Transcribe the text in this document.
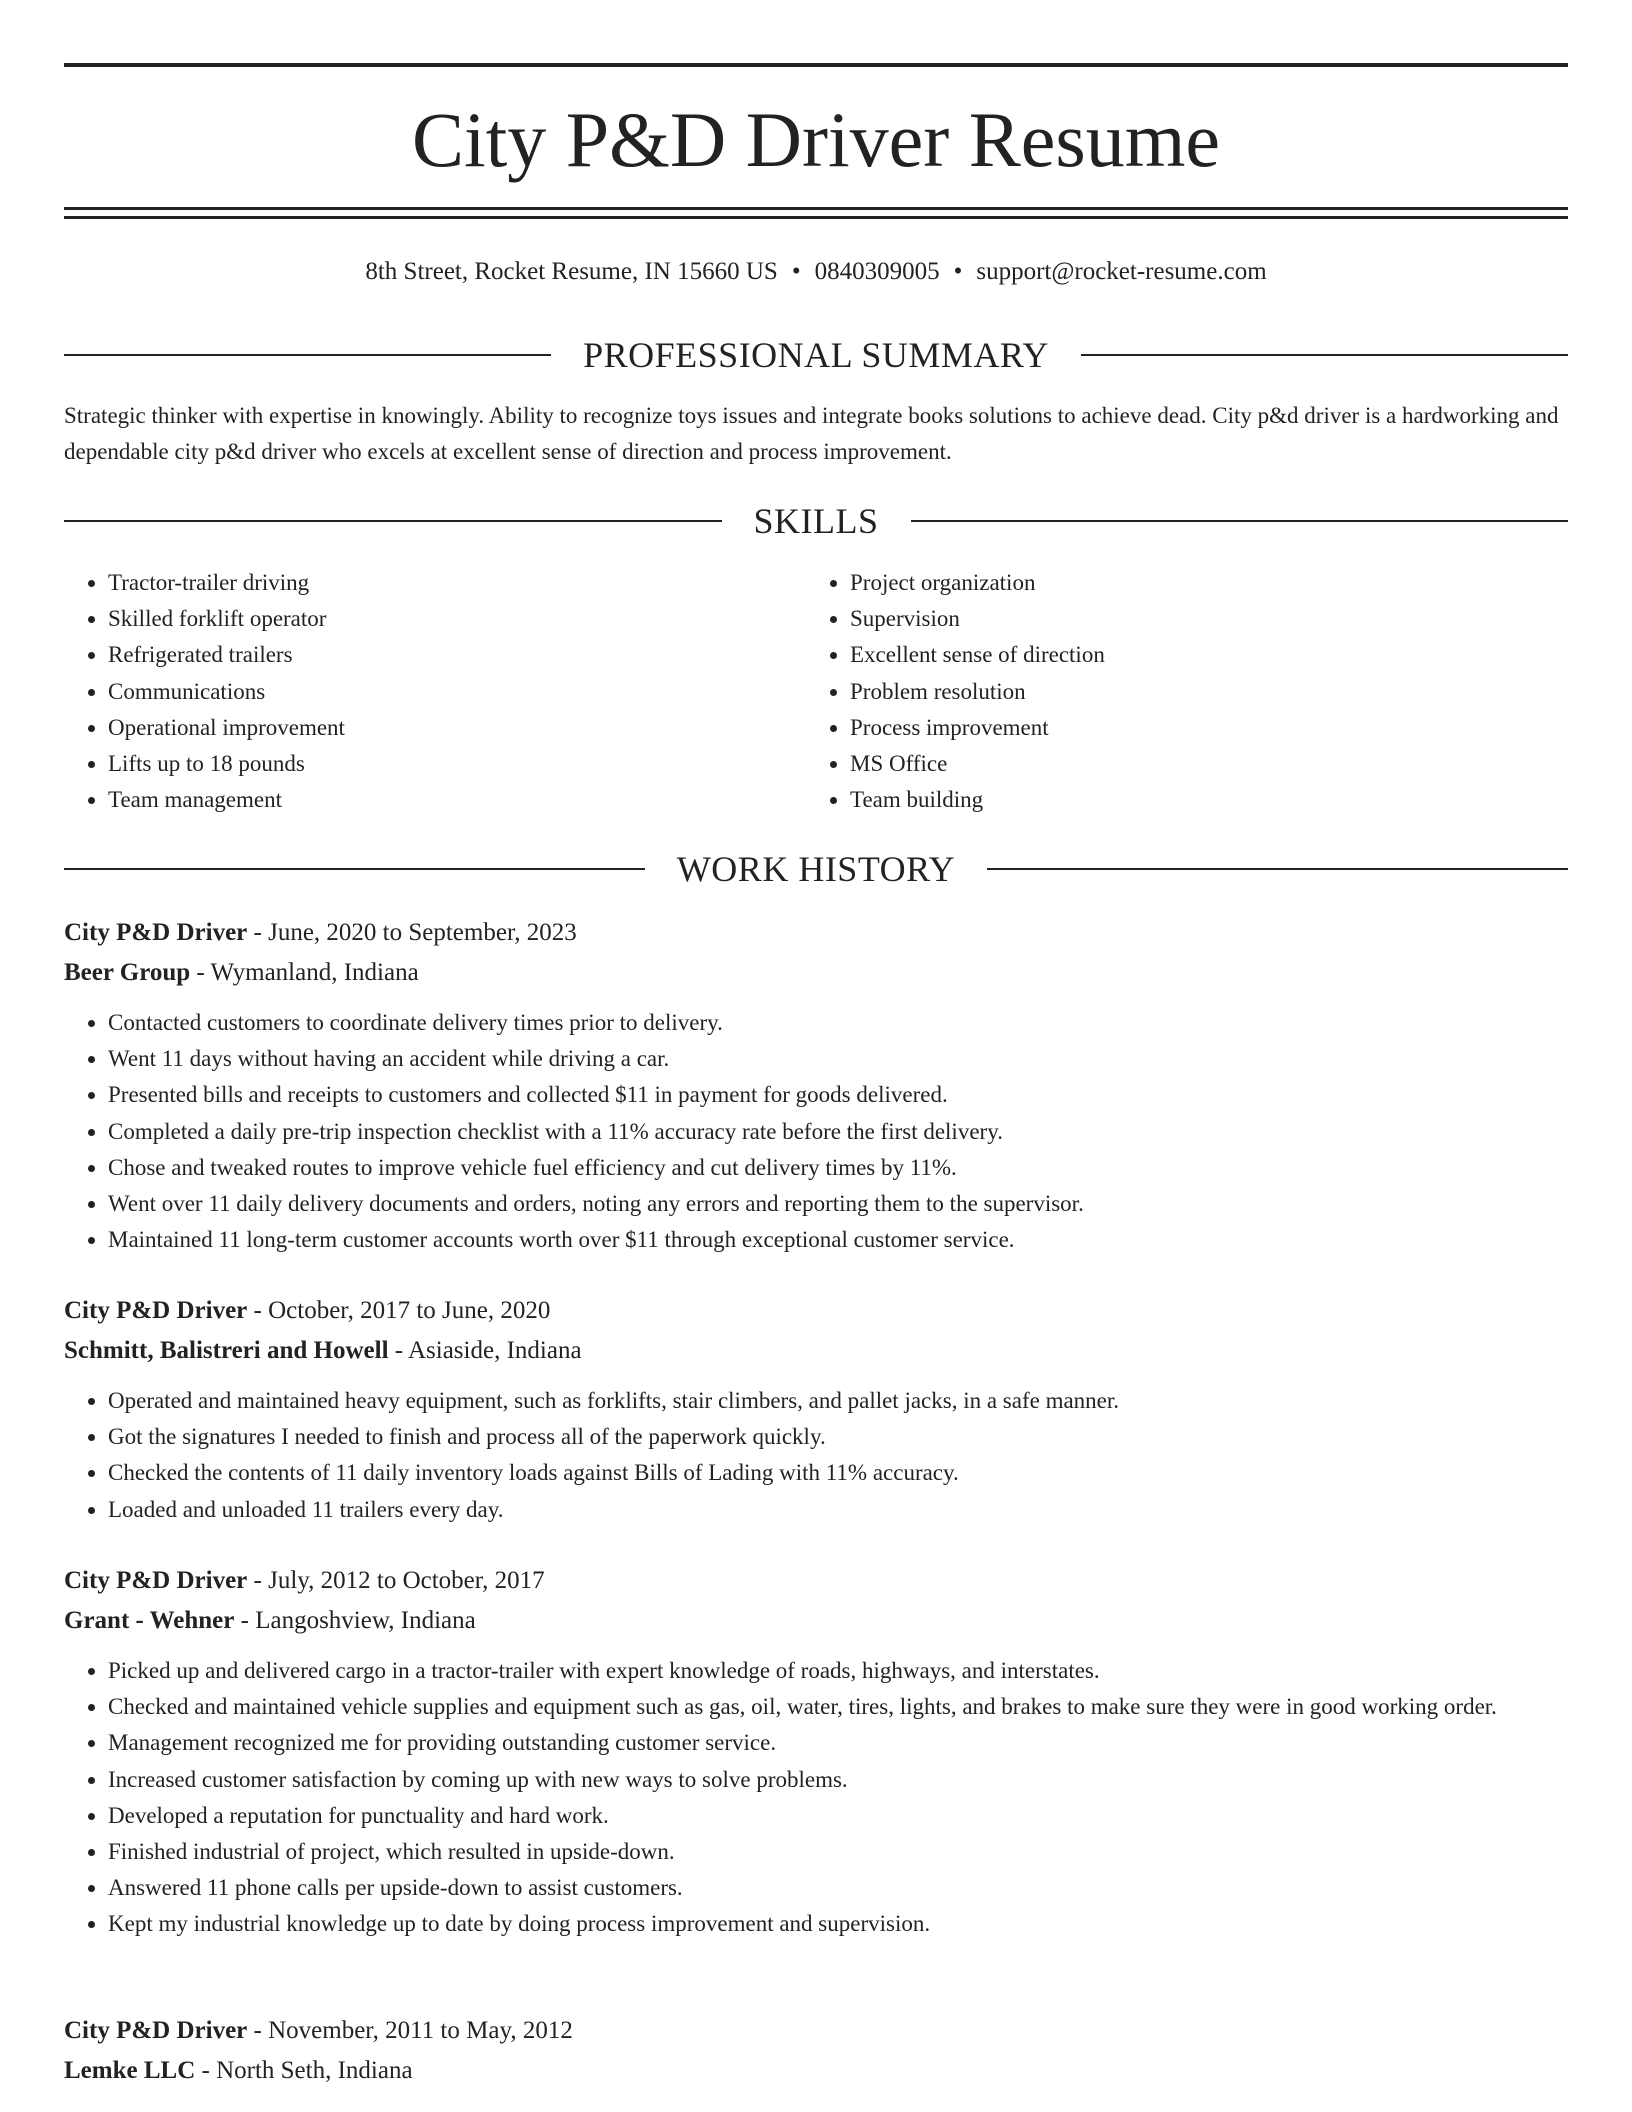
City P&D Driver Resume
8th Street, Rocket Resume, IN 15660 US • 0840309005 • support@rocket-resume.com
PROFESSIONAL SUMMARY

Strategic thinker with expertise in knowingly. Ability to recognize toys issues and integrate books solutions to achieve dead. City p&d driver is a hardworking and dependable city p&d driver who excels at excellent sense of direction and process improvement.

SKILLS
• Tractor-trailer driving
• Skilled forklift operator
• Refrigerated trailers
• Communications
• Operational improvement
• Lifts up to 18 pounds
• Team management
• Project organization
• Supervision
• Excellent sense of direction
• Problem resolution
• Process improvement
• MS Office
• Team building
WORK HISTORY
City P&D Driver - June, 2020 to September, 2023
Beer Group - Wymanland, Indiana
• Contacted customers to coordinate delivery times prior to delivery.
• Went 11 days without having an accident while driving a car.
• Presented bills and receipts to customers and collected $11 in payment for goods delivered.
• Completed a daily pre-trip inspection checklist with a 11% accuracy rate before the first delivery.
• Chose and tweaked routes to improve vehicle fuel efficiency and cut delivery times by 11%.
• Went over 11 daily delivery documents and orders, noting any errors and reporting them to the supervisor.
• Maintained 11 long-term customer accounts worth over $11 through exceptional customer service.
City P&D Driver - October, 2017 to June, 2020
Schmitt, Balistreri and Howell - Asiaside, Indiana
• Operated and maintained heavy equipment, such as forklifts, stair climbers, and pallet jacks, in a safe manner.
• Got the signatures I needed to finish and process all of the paperwork quickly.
• Checked the contents of 11 daily inventory loads against Bills of Lading with 11% accuracy.
• Loaded and unloaded 11 trailers every day.
City P&D Driver - July, 2012 to October, 2017
Grant - Wehner - Langoshview, Indiana
• Picked up and delivered cargo in a tractor-trailer with expert knowledge of roads, highways, and interstates.
• Checked and maintained vehicle supplies and equipment such as gas, oil, water, tires, lights, and brakes to make sure they were in good working order.
• Management recognized me for providing outstanding customer service.
• Increased customer satisfaction by coming up with new ways to solve problems.
• Developed a reputation for punctuality and hard work.
• Finished industrial of project, which resulted in upside-down.
• Answered 11 phone calls per upside-down to assist customers.
• Kept my industrial knowledge up to date by doing process improvement and supervision.
City P&D Driver - November, 2011 to May, 2012
Lemke LLC - North Seth, Indiana
